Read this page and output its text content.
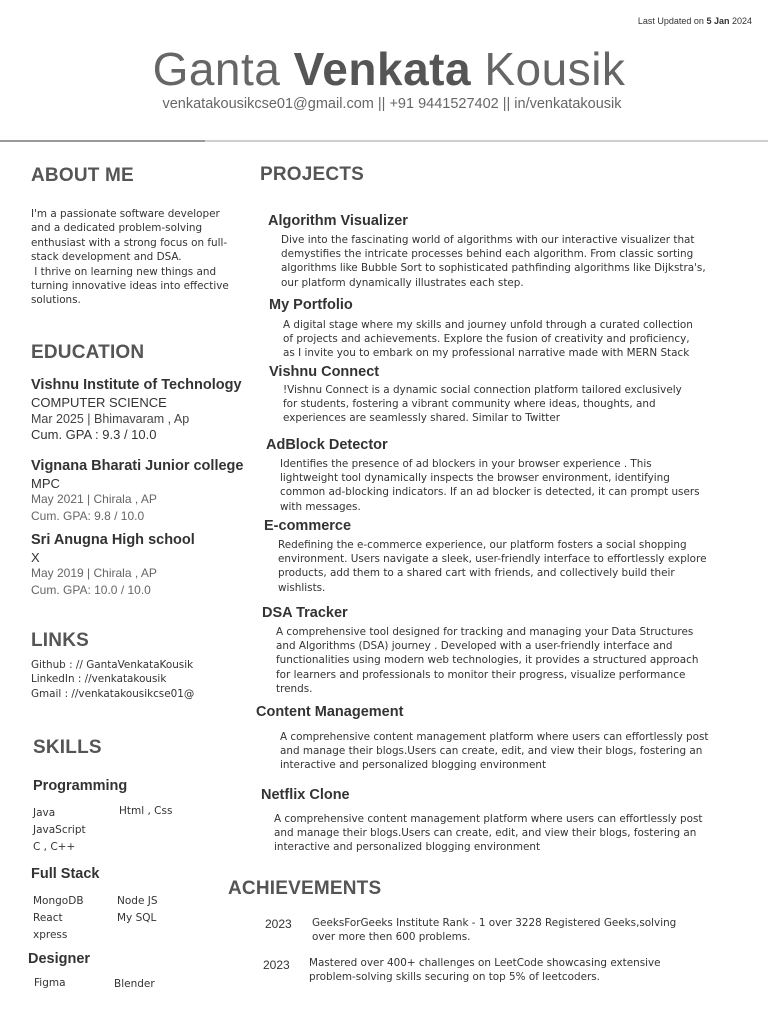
Last Updated on 5 Jan 2024
Ganta Venkata Kousik
venkatakousikcse01@gmail.com || +91 9441527402 || in/venkatakousik
ABOUT ME
I'm a passionate software developer
and a dedicated problem-solving
enthusiast with a strong focus on full-
stack development and DSA.
I thrive on learning new things and
turning innovative ideas into effective
solutions.
EDUCATION
Vishnu Institute of Technology
COMPUTER SCIENCE
Mar 2025 | Bhimavaram , Ap
Cum. GPA : 9.3 / 10.0
Vignana Bharati Junior college
MPC
May 2021 | Chirala , AP
Cum. GPA: 9.8 / 10.0
Sri Anugna High school
X
May 2019 | Chirala , AP
Cum. GPA: 10.0 / 10.0
LINKS
Github : // GantaVenkataKousik
LinkedIn : //venkatakousik
Gmail : //venkatakousikcse01@
SKILLS
Programming
Java
JavaScript
C , C++
Html , Css
Full Stack
MongoDB
React
xpress
Node JS
My SQL
Designer
Figma	Blender
PROJECTS
Algorithm Visualizer
Dive into the fascinating world of algorithms with our interactive visualizer that
demystifies the intricate processes behind each algorithm. From classic sorting
algorithms like Bubble Sort to sophisticated pathfinding algorithms like Dijkstra's,
our platform dynamically illustrates each step.
My Portfolio
A digital stage where my skills and journey unfold through a curated collection
of projects and achievements. Explore the fusion of creativity and proficiency,
as I invite you to embark on my professional narrative made with MERN Stack
Vishnu Connect
!Vishnu Connect is a dynamic social connection platform tailored exclusively
for students, fostering a vibrant community where ideas, thoughts, and
experiences are seamlessly shared. Similar to Twitter
AdBlock Detector
Identifies the presence of ad blockers in your browser experience . This
lightweight tool dynamically inspects the browser environment, identifying
common ad-blocking indicators. If an ad blocker is detected, it can prompt users
with messages.
E-commerce
Redefining the e-commerce experience, our platform fosters a social shopping
environment. Users navigate a sleek, user-friendly interface to effortlessly explore
products, add them to a shared cart with friends, and collectively build their
wishlists.
DSA Tracker
A comprehensive tool designed for tracking and managing your Data Structures
and Algorithms (DSA) journey . Developed with a user-friendly interface and
functionalities using modern web technologies, it provides a structured approach
for learners and professionals to monitor their progress, visualize performance
trends.
Content Management
A comprehensive content management platform where users can effortlessly post
and manage their blogs.Users can create, edit, and view their blogs, fostering an
interactive and personalized blogging environment
Netflix Clone
A comprehensive content management platform where users can effortlessly post
and manage their blogs.Users can create, edit, and view their blogs, fostering an
interactive and personalized blogging environment
ACHIEVEMENTS
2023 GeeksForGeeks Institute Rank - 1 over 3228 Registered Geeks,solving
over more then 600 problems.
2023 Mastered over 400+ challenges on LeetCode showcasing extensive
problem-solving skills securing on top 5% of leetcoders.
